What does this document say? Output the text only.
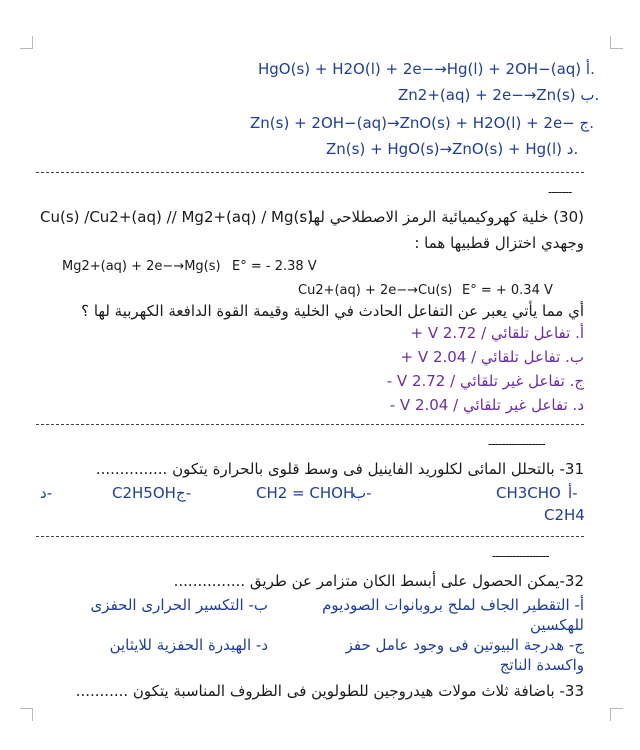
HgO(s) + H2O(l) + 2e−→Hg(l) + 2OH−(aq) أ.
Zn2+(aq) + 2e−→Zn(s) ب.
Zn(s) + 2OH−(aq)→ZnO(s) + H2O(l) + 2e− ج.
Zn(s) + HgO(s)→ZnO(s) + Hg(l) د.
-------
Cu(s) /Cu2+(aq) // Mg2+(aq) / Mg(s)	(30) خلية كهروكيميائية الرمز الاصطلاحي لها :
وجهدي اختزال قطبيها هما :
Mg2+(aq) + 2e−→Mg(s) E° = - 2.38 V
Cu2+(aq) + 2e−→Cu(s) E° = + 0.34 V
أي مما يأتي يعبر عن التفاعل الحادث في الخلية وقيمة القوة الدافعة الكهربية لها ؟
أ. تفاعل تلقائي / 2.72 V +
ب. تفاعل تلقائي / 2.04 V +
ج. تفاعل غير تلقائي / 2.72 V -
د. تفاعل غير تلقائي / 2.04 V -
-----------------
31- بالتحلل المائى لكلوريد الفاينيل فى وسط قلوى بالحرارة يتكون ...............
د-	C2H5OH ج-	CH2 = CHOH
ب-	CH3CHO أ-
C2H4
-----------------
32-يمكن الحصول على أبسط الكان متزامر عن طريق ...............
أ- التقطير الجاف لملح بروبانوات الصوديوم
ب- التكسير الحرارى الحفزى
للهكسين
ج- هدرجة البيوتين فى وجود عامل حفز
د- الهيدرة الحفزية للايثاين
واكسدة الناتج
33- باضافة ثلاث مولات هيدروجين للطولوين فى الظروف المناسبة يتكون ...........
